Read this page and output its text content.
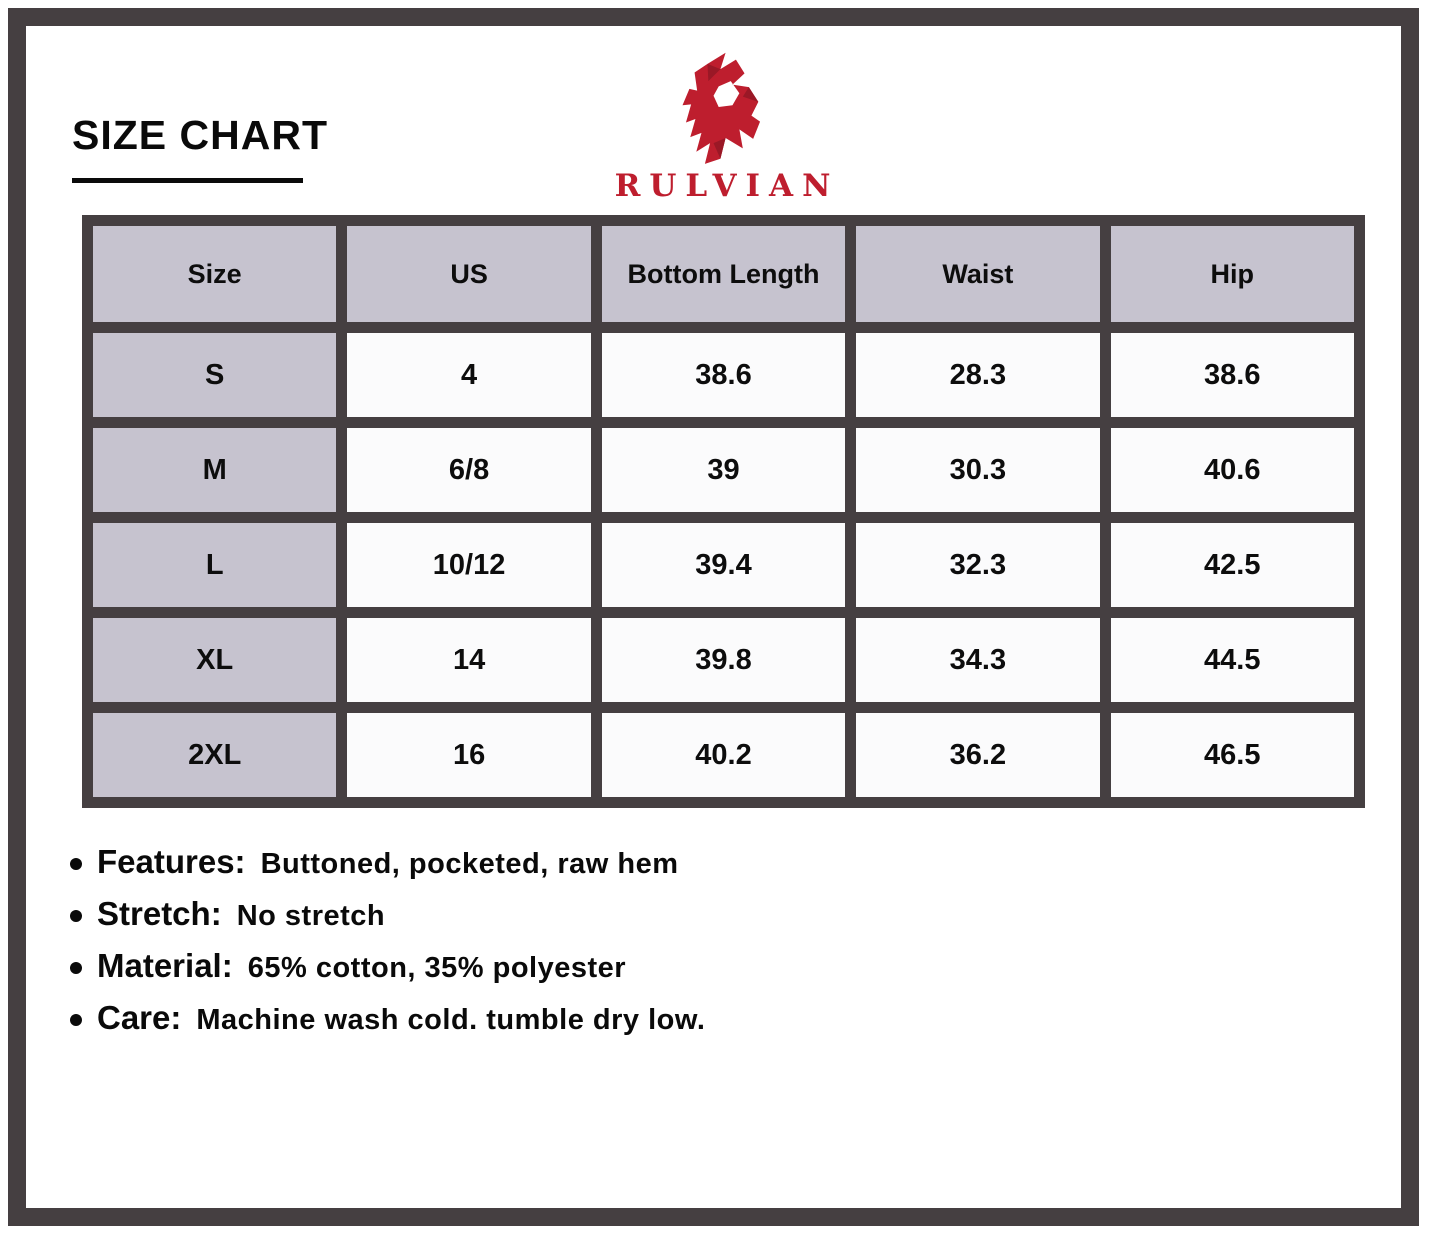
SIZE CHART
RULVIAN
Size	US	Bottom Length	Waist	Hip
S	4	38.6	28.3	38.6
M	6/8	39	30.3	40.6
L	10/12	39.4	32.3	42.5
XL	14	39.8	34.3	44.5
2XL	16	40.2	36.2	46.5
Features: Buttoned, pocketed, raw hem
Stretch: No stretch
Material: 65% cotton, 35% polyester
Care: Machine wash cold. tumble dry low.
